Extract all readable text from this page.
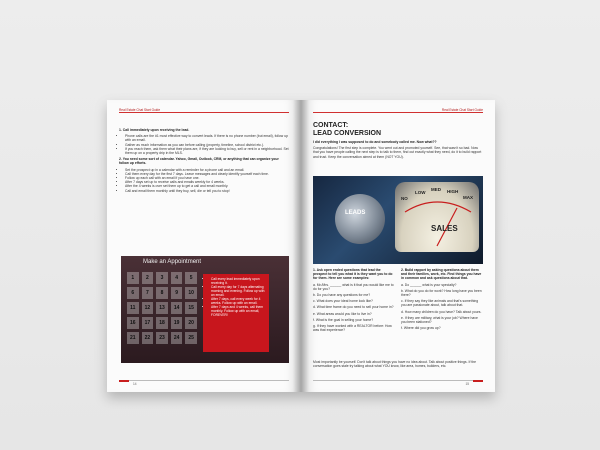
Real Estate Chat Start Guide

1. Call immediately upon receiving the lead.

• Phone calls are the #1 most effective way to convert leads. If there is no phone number (but email), follow up with an email.
• Gather as much information as you can before calling (property, timeline, school district etc.).
• If you reach them, ask them what their plans are, if they are looking to buy, sell or rent in a neighborhood. Set them up on a property drip in the MLS.

2. You need some sort of calendar. Yahoo, Gmail, Outlook, CRM, or anything that can organize your follow up efforts.

• Set the prospect up in a calendar with a reminder for a phone call and an email.
• Call them every day for the first 7 days. Leave messages and clearly identify yourself each time.
• Follow up each call with an email if you have one.
• After 7 days set up to receive calls and emails weekly for 4 weeks.
• After the 4 weeks is over set them up to get a call and email monthly.
• Call and email them monthly until they buy, sell, die or tell you to stop!
Make an Appointment
1	2	3	4	5
6	7	8	9	10
11	12	13	14	15
16	17	18	19	20
21	22	23	24	25
• Call every lead immediately upon receiving it.
• Call every day for 7 days alternating morning and evening. Follow up with an email.
• After 7 days, call every week for 4 weeks. Follow up with an email.
• After 7 days and 4 weeks, call them monthly. Follow up with an email, FOREVER!
14
Real Estate Chat Start Guide
CONTACT:
LEAD CONVERSION

I did everything I was supposed to do and somebody called me. Now what??

Congratulations! The first step is complete. You went out and promoted yourself. See, that wasn't so bad. Now that you have people calling the next step is to talk to them, find out exactly what they need, do it to build rapport and trust. Keep the conversation aimed at them (NOT YOU).

LEADS
NO
LOW
MED HIGH
MAX
SALES

1. Ask open ended questions that lead the prospect to tell you what it is they want you to do for them. Here are some examples:

a. Mr./Mrs. ______ what is it that you would like me to do for you?

b. Do you have any questions for me?

c. What does your ideal home look like?

d. What time frame do you need to sell your home in?

e. What areas would you like to live in?

f. What is the goal in selling your home?

g. If they have worked with a REALTOR before: How was that experience?

2. Build rapport by asking questions about them and their families, work, etc. Find things you have in common and ask questions about that.

a. Do ______ what is your specialty?

b. What do you do for work? How long have you been there?

c. If they say they like animals and that's something you are passionate about, talk about that.

d. How many children do you have? Talk about yours.

e. If they are military, what is your job? Where have you been stationed?

f. Where did you grow up?

Most importantly be yourself. Don't talk about things you have no idea about. Talk about positive things. If the conversation goes stale try talking about what YOU know, like area, homes, builders, etc.

15
